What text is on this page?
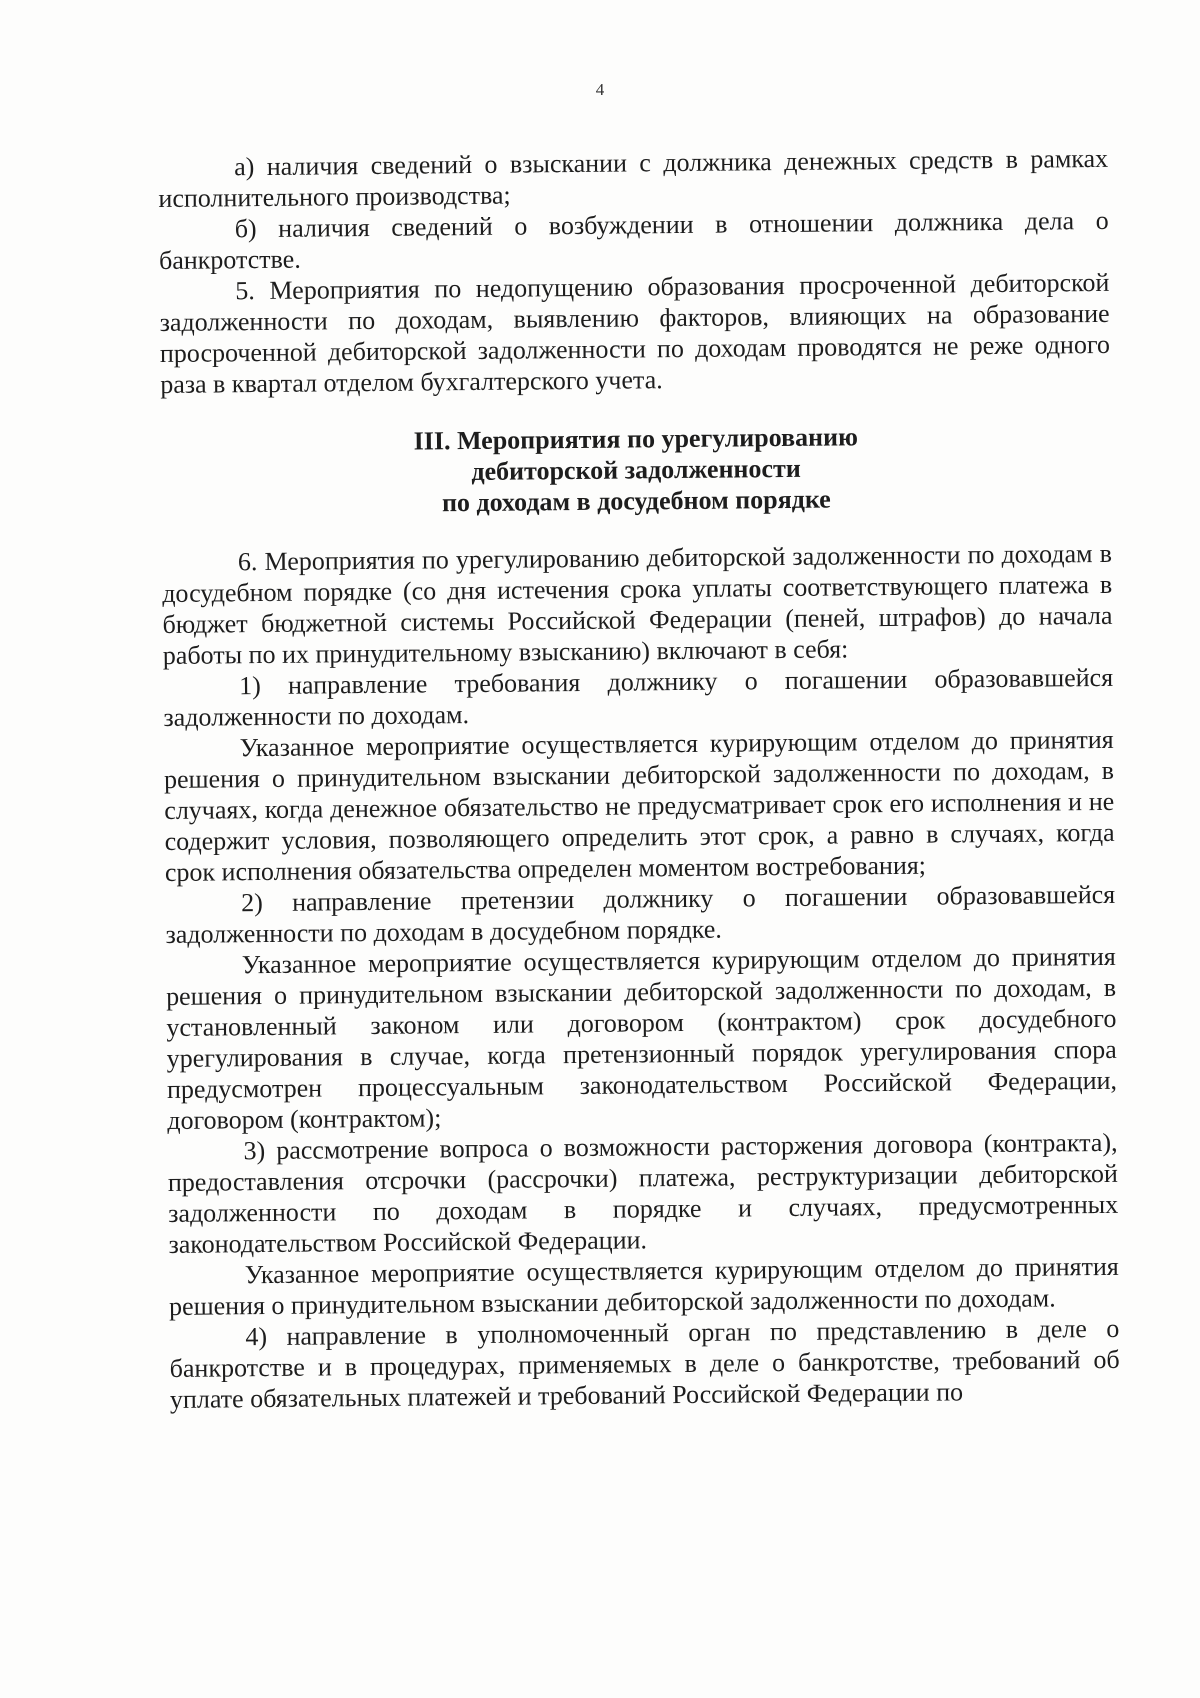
4

а) наличия сведений о взыскании с должника денежных средств в рамках исполнительного производства;

б) наличия сведений о возбуждении в отношении должника дела о банкротстве.

5. Мероприятия по недопущению образования просроченной дебиторской задолженности по доходам, выявлению факторов, влияющих на образование просроченной дебиторской задолженности по доходам проводятся не реже одного раза в квартал отделом бухгалтерского учета.

III. Мероприятия по урегулированию
дебиторской задолженности
по доходам в досудебном порядке

6. Мероприятия по урегулированию дебиторской задолженности по доходам в досудебном порядке (со дня истечения срока уплаты соответствующего платежа в бюджет бюджетной системы Российской Федерации (пеней, штрафов) до начала работы по их принудительному взысканию) включают в себя:

1) направление требования должнику о погашении образовавшейся задолженности по доходам.

Указанное мероприятие осуществляется курирующим отделом до принятия решения о принудительном взыскании дебиторской задолженности по доходам, в случаях, когда денежное обязательство не предусматривает срок его исполнения и не содержит условия, позволяющего определить этот срок, а равно в случаях, когда срок исполнения обязательства определен моментом востребования;

2) направление претензии должнику о погашении образовавшейся задолженности по доходам в досудебном порядке.

Указанное мероприятие осуществляется курирующим отделом до принятия решения о принудительном взыскании дебиторской задолженности по доходам, в установленный законом или договором (контрактом) срок досудебного урегулирования в случае, когда претензионный порядок урегулирования спора предусмотрен процессуальным законодательством Российской Федерации, договором (контрактом);

3) рассмотрение вопроса о возможности расторжения договора (контракта), предоставления отсрочки (рассрочки) платежа, реструктуризации дебиторской задолженности по доходам в порядке и случаях, предусмотренных законодательством Российской Федерации.

Указанное мероприятие осуществляется курирующим отделом до принятия решения о принудительном взыскании дебиторской задолженности по доходам.

4) направление в уполномоченный орган по представлению в деле о банкротстве и в процедурах, применяемых в деле о банкротстве, требований об уплате обязательных платежей и требований Российской Федерации по
